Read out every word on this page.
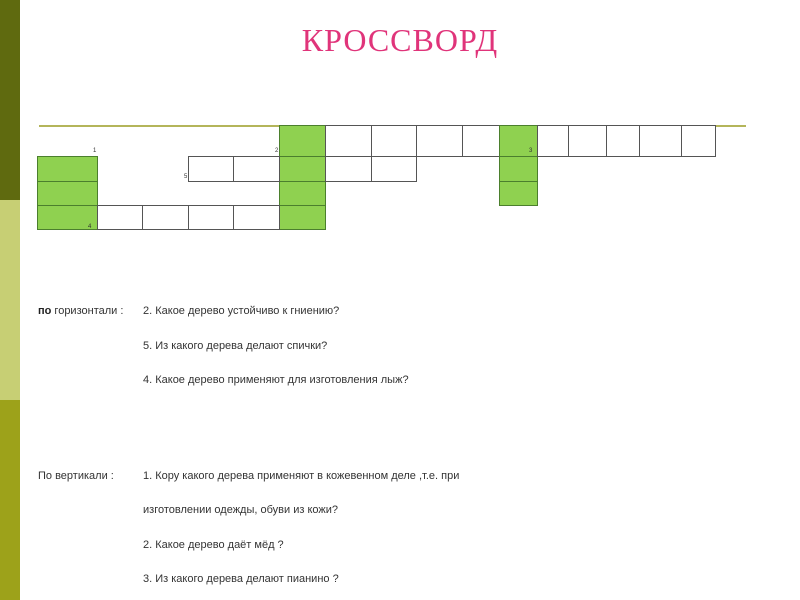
КРОССВОРД
1	2	3
5
4
по горизонтали : 2. Какое дерево устойчиво к гниению?
5. Из какого дерева делают спички?
4. Какое дерево применяют для изготовления лыж?
По вертикали :	1. Кору какого дерева применяют в кожевенном деле ,т.е. при
изготовлении одежды, обуви из кожи?
2. Какое дерево даёт мёд ?
3. Из какого дерева делают пианино ?
